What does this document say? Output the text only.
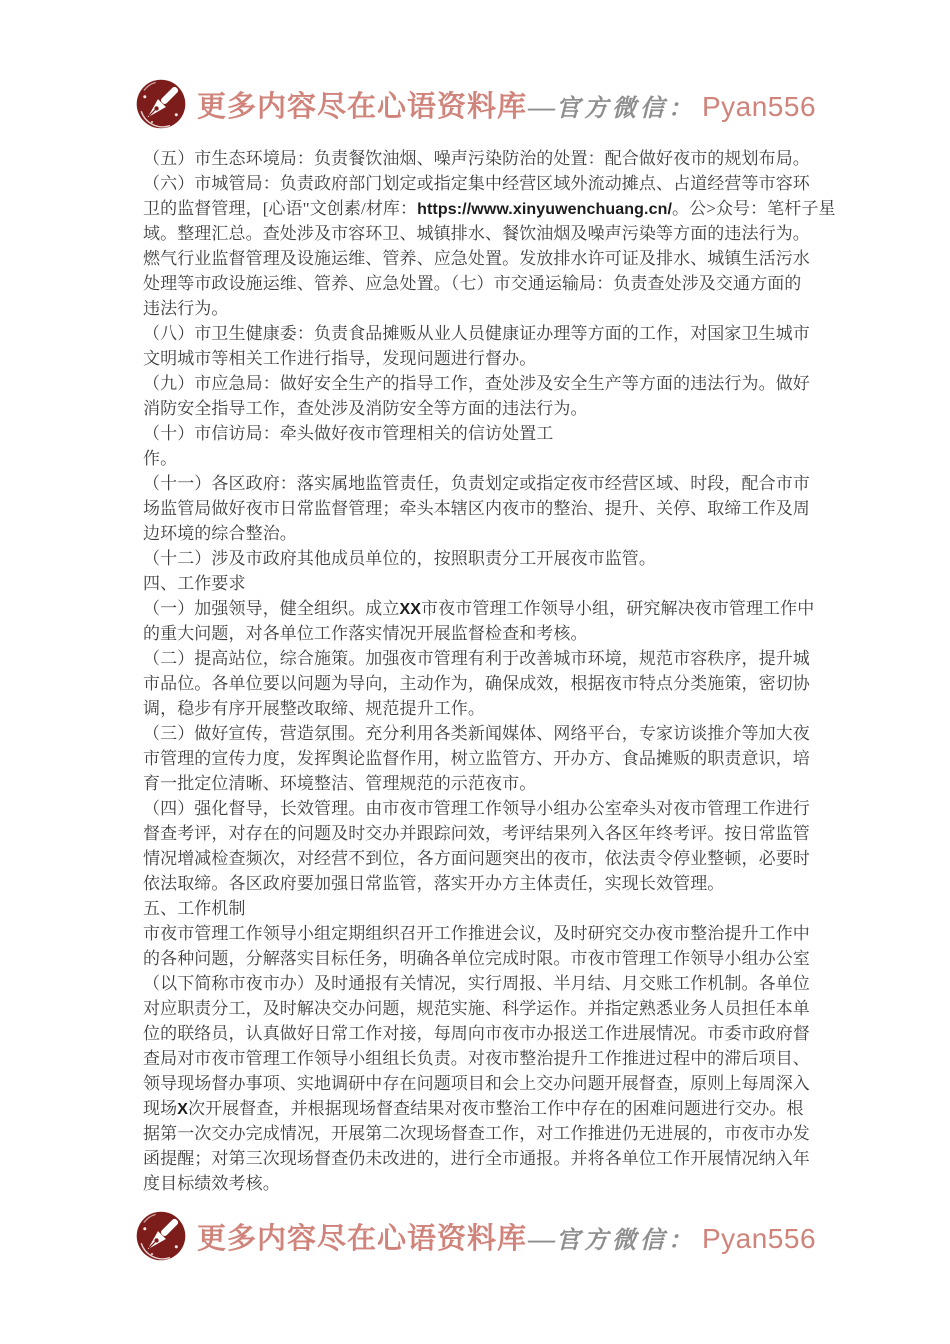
更多内容尽在心语资料库 — 官方微信： Pyan556
（五）市生态环境局：负责餐饮油烟、噪声污染防治的处置：配合做好夜市的规划布局。
（六）市城管局：负责政府部门划定或指定集中经营区域外流动摊点、占道经营等市容环
卫的监督管理，[心语"文创素/材库：https://www.xinyuwenchuang.cn/。公>众号：笔杆子星
域。整理汇总。查处涉及市容环卫、城镇排水、餐饮油烟及噪声污染等方面的违法行为。
燃气行业监督管理及设施运维、管养、应急处置。发放排水许可证及排水、城镇生活污水
处理等市政设施运维、管养、应急处置。（七）市交通运输局：负责查处涉及交通方面的
违法行为。
（八）市卫生健康委：负责食品摊贩从业人员健康证办理等方面的工作，对国家卫生城市
文明城市等相关工作进行指导，发现问题进行督办。
（九）市应急局：做好安全生产的指导工作，查处涉及安全生产等方面的违法行为。做好
消防安全指导工作，查处涉及消防安全等方面的违法行为。
（十）市信访局：牵头做好夜市管理相关的信访处置工
作。
（十一）各区政府：落实属地监管责任，负责划定或指定夜市经营区域、时段，配合市市
场监管局做好夜市日常监督管理；牵头本辖区内夜市的整治、提升、关停、取缔工作及周
边环境的综合整治。
（十二）涉及市政府其他成员单位的，按照职责分工开展夜市监管。
四、工作要求
（一）加强领导，健全组织。成立XX市夜市管理工作领导小组，研究解决夜市管理工作中
的重大问题，对各单位工作落实情况开展监督检查和考核。
（二）提高站位，综合施策。加强夜市管理有利于改善城市环境，规范市容秩序，提升城
市品位。各单位要以问题为导向，主动作为，确保成效，根据夜市特点分类施策，密切协
调，稳步有序开展整改取缔、规范提升工作。
（三）做好宣传，营造氛围。充分利用各类新闻媒体、网络平台，专家访谈推介等加大夜
市管理的宣传力度，发挥舆论监督作用，树立监管方、开办方、食品摊贩的职责意识，培
育一批定位清晰、环境整洁、管理规范的示范夜市。
（四）强化督导，长效管理。由市夜市管理工作领导小组办公室牵头对夜市管理工作进行
督查考评，对存在的问题及时交办并跟踪问效，考评结果列入各区年终考评。按日常监管
情况增减检查频次，对经营不到位，各方面问题突出的夜市，依法责令停业整顿，必要时
依法取缔。各区政府要加强日常监管，落实开办方主体责任，实现长效管理。
五、工作机制
市夜市管理工作领导小组定期组织召开工作推进会议，及时研究交办夜市整治提升工作中
的各种问题，分解落实目标任务，明确各单位完成时限。市夜市管理工作领导小组办公室
（以下简称市夜市办）及时通报有关情况，实行周报、半月结、月交账工作机制。各单位
对应职责分工，及时解决交办问题，规范实施、科学运作。并指定熟悉业务人员担任本单
位的联络员，认真做好日常工作对接，每周向市夜市办报送工作进展情况。市委市政府督
查局对市夜市管理工作领导小组组长负责。对夜市整治提升工作推进过程中的滞后项目、
领导现场督办事项、实地调研中存在问题项目和会上交办问题开展督查，原则上每周深入
现场X次开展督查，并根据现场督查结果对夜市整治工作中存在的困难问题进行交办。根
据第一次交办完成情况，开展第二次现场督查工作，对工作推进仍无进展的，市夜市办发
函提醒；对第三次现场督查仍未改进的，进行全市通报。并将各单位工作开展情况纳入年
度目标绩效考核。
更多内容尽在心语资料库 — 官方微信： Pyan556
